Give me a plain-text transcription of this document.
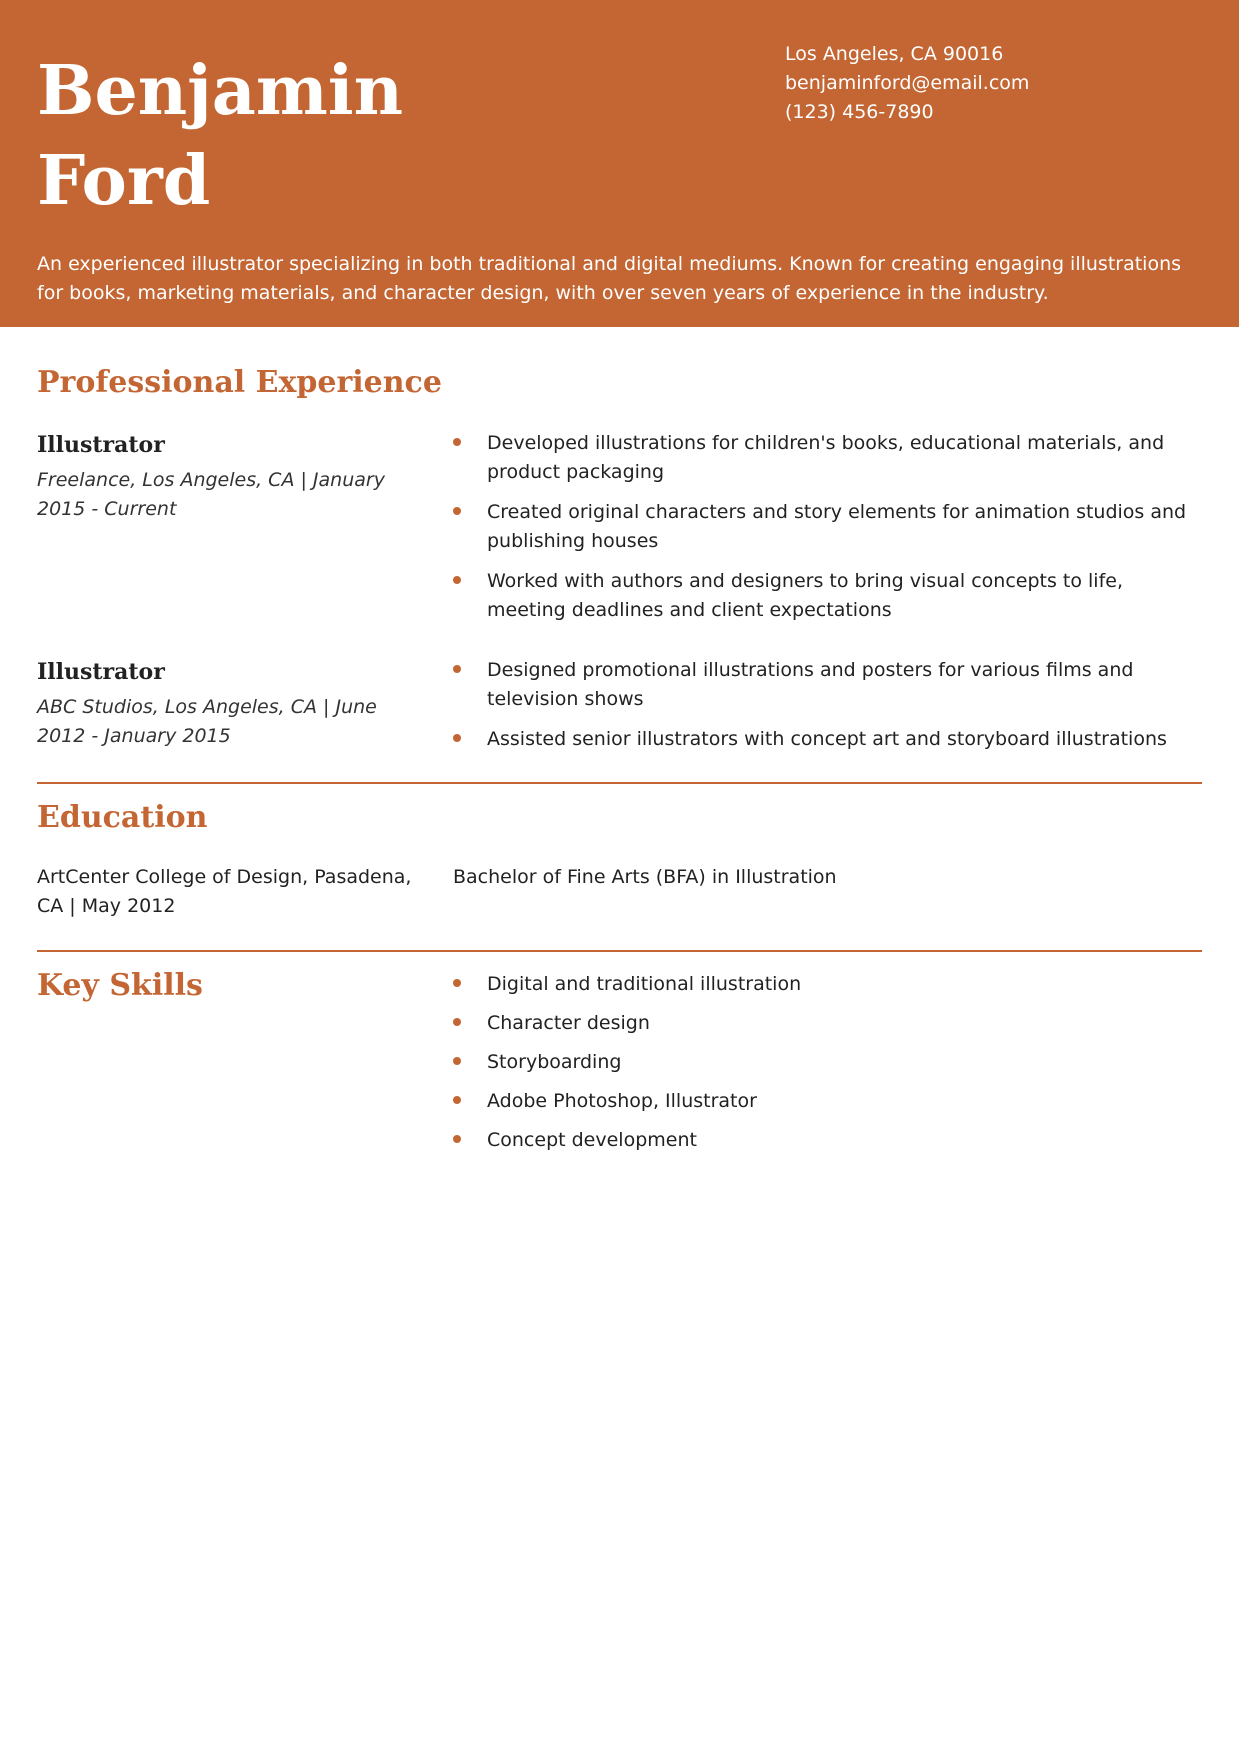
Benjamin Ford
Los Angeles, CA 90016
benjaminford@email.com
(123) 456-7890
An experienced illustrator specializing in both traditional and digital mediums. Known for creating engaging illustrations for books, marketing materials, and character design, with over seven years of experience in the industry.
Professional Experience
Illustrator
Freelance, Los Angeles, CA | January 2015 - Current
Developed illustrations for children's books, educational materials, and product packaging
Created original characters and story elements for animation studios and publishing houses
Worked with authors and designers to bring visual concepts to life, meeting deadlines and client expectations
Illustrator
ABC Studios, Los Angeles, CA | June 2012 - January 2015
Designed promotional illustrations and posters for various films and television shows
Assisted senior illustrators with concept art and storyboard illustrations
Education
ArtCenter College of Design, Pasadena, CA | May 2012
Bachelor of Fine Arts (BFA) in Illustration
Key Skills	Digital and traditional illustration
Character design
Storyboarding
Adobe Photoshop, Illustrator
Concept development
